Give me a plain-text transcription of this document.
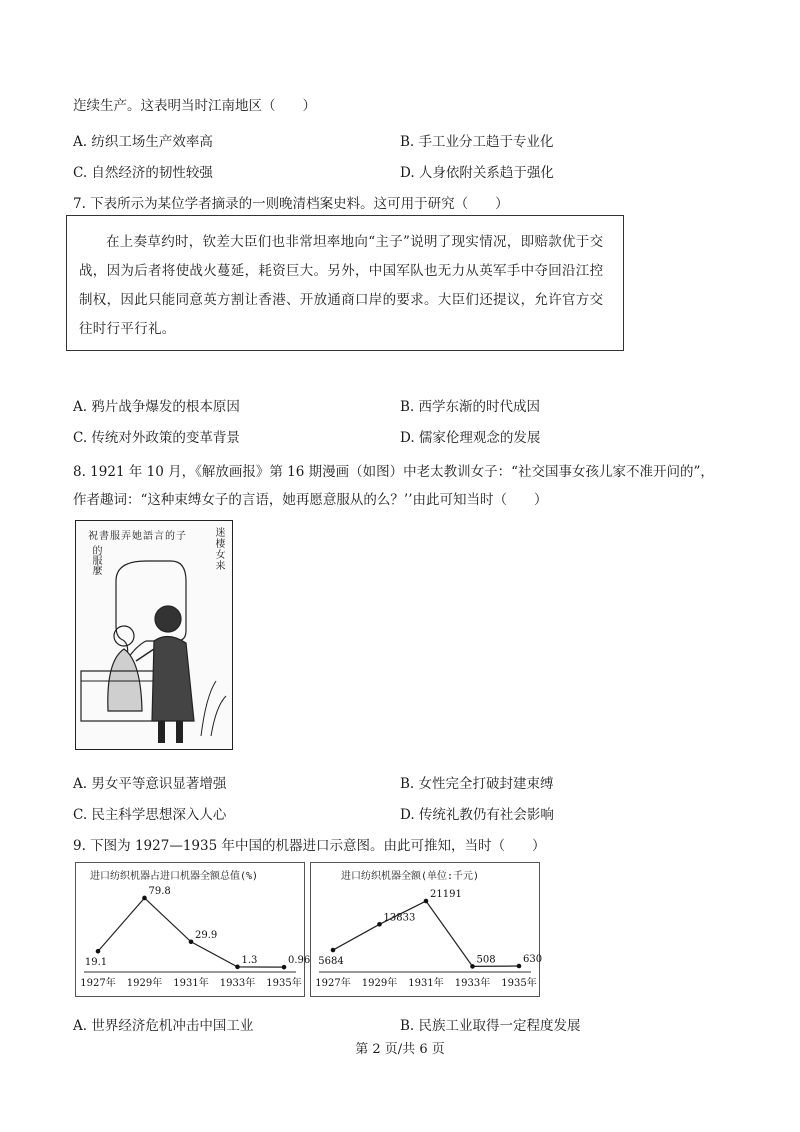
迮续生产。这表明当时江南地区（　　）
A. 纺织工场生产效率高	B. 手工业分工趋于专业化
C. 自然经济的韧性较强	D. 人身依附关系趋于强化
7. 下表所示为某位学者摘录的一则晚清档案史料。这可用于研究（　　）
在上奏草约时，钦差大臣们也非常坦率地向“主子”说明了现实情况，即赔款优于交战，因为后者将使战火蔓延，耗资巨大。另外，中国军队也无力从英军手中夺回沿江控制权，因此只能同意英方割让香港、开放通商口岸的要求。大臣们还提议，允许官方交往时行平行礼。
A. 鸦片战争爆发的根本原因	B. 西学东渐的时代成因
C. 传统对外政策的变革背景	D. 儒家伦理观念的发展
8. 1921 年 10 月，《解放画报》第 16 期漫画（如图）中老太教训女子：“社交国事女孩儿家不准开问的”，
作者趣词：“这种束缚女子的言语，她再愿意服从的么？’’由此可知当时（　　）
迷棲女来
祝書服弄她語言的子
的服麼
A. 男女平等意识显著增强	B. 女性完全打破封建束缚
C. 民主科学思想深入人心	D. 传统礼教仍有社会影响
9. 下图为 1927—1935 年中国的机器进口示意图。由此可推知，当时（　　）
进口纺织机器占进口机器全额总值(%)
19.1
1927年
79.8
1929年
29.9
1931年
1.3
1933年
0.96
1935年
进口纺织机器全额(单位:千元)
5684
1927年
13833
1929年
21191
1931年
508
1933年
630
1935年
A. 世界经济危机冲击中国工业	B. 民族工业取得一定程度发展
第 2 页/共 6 页
